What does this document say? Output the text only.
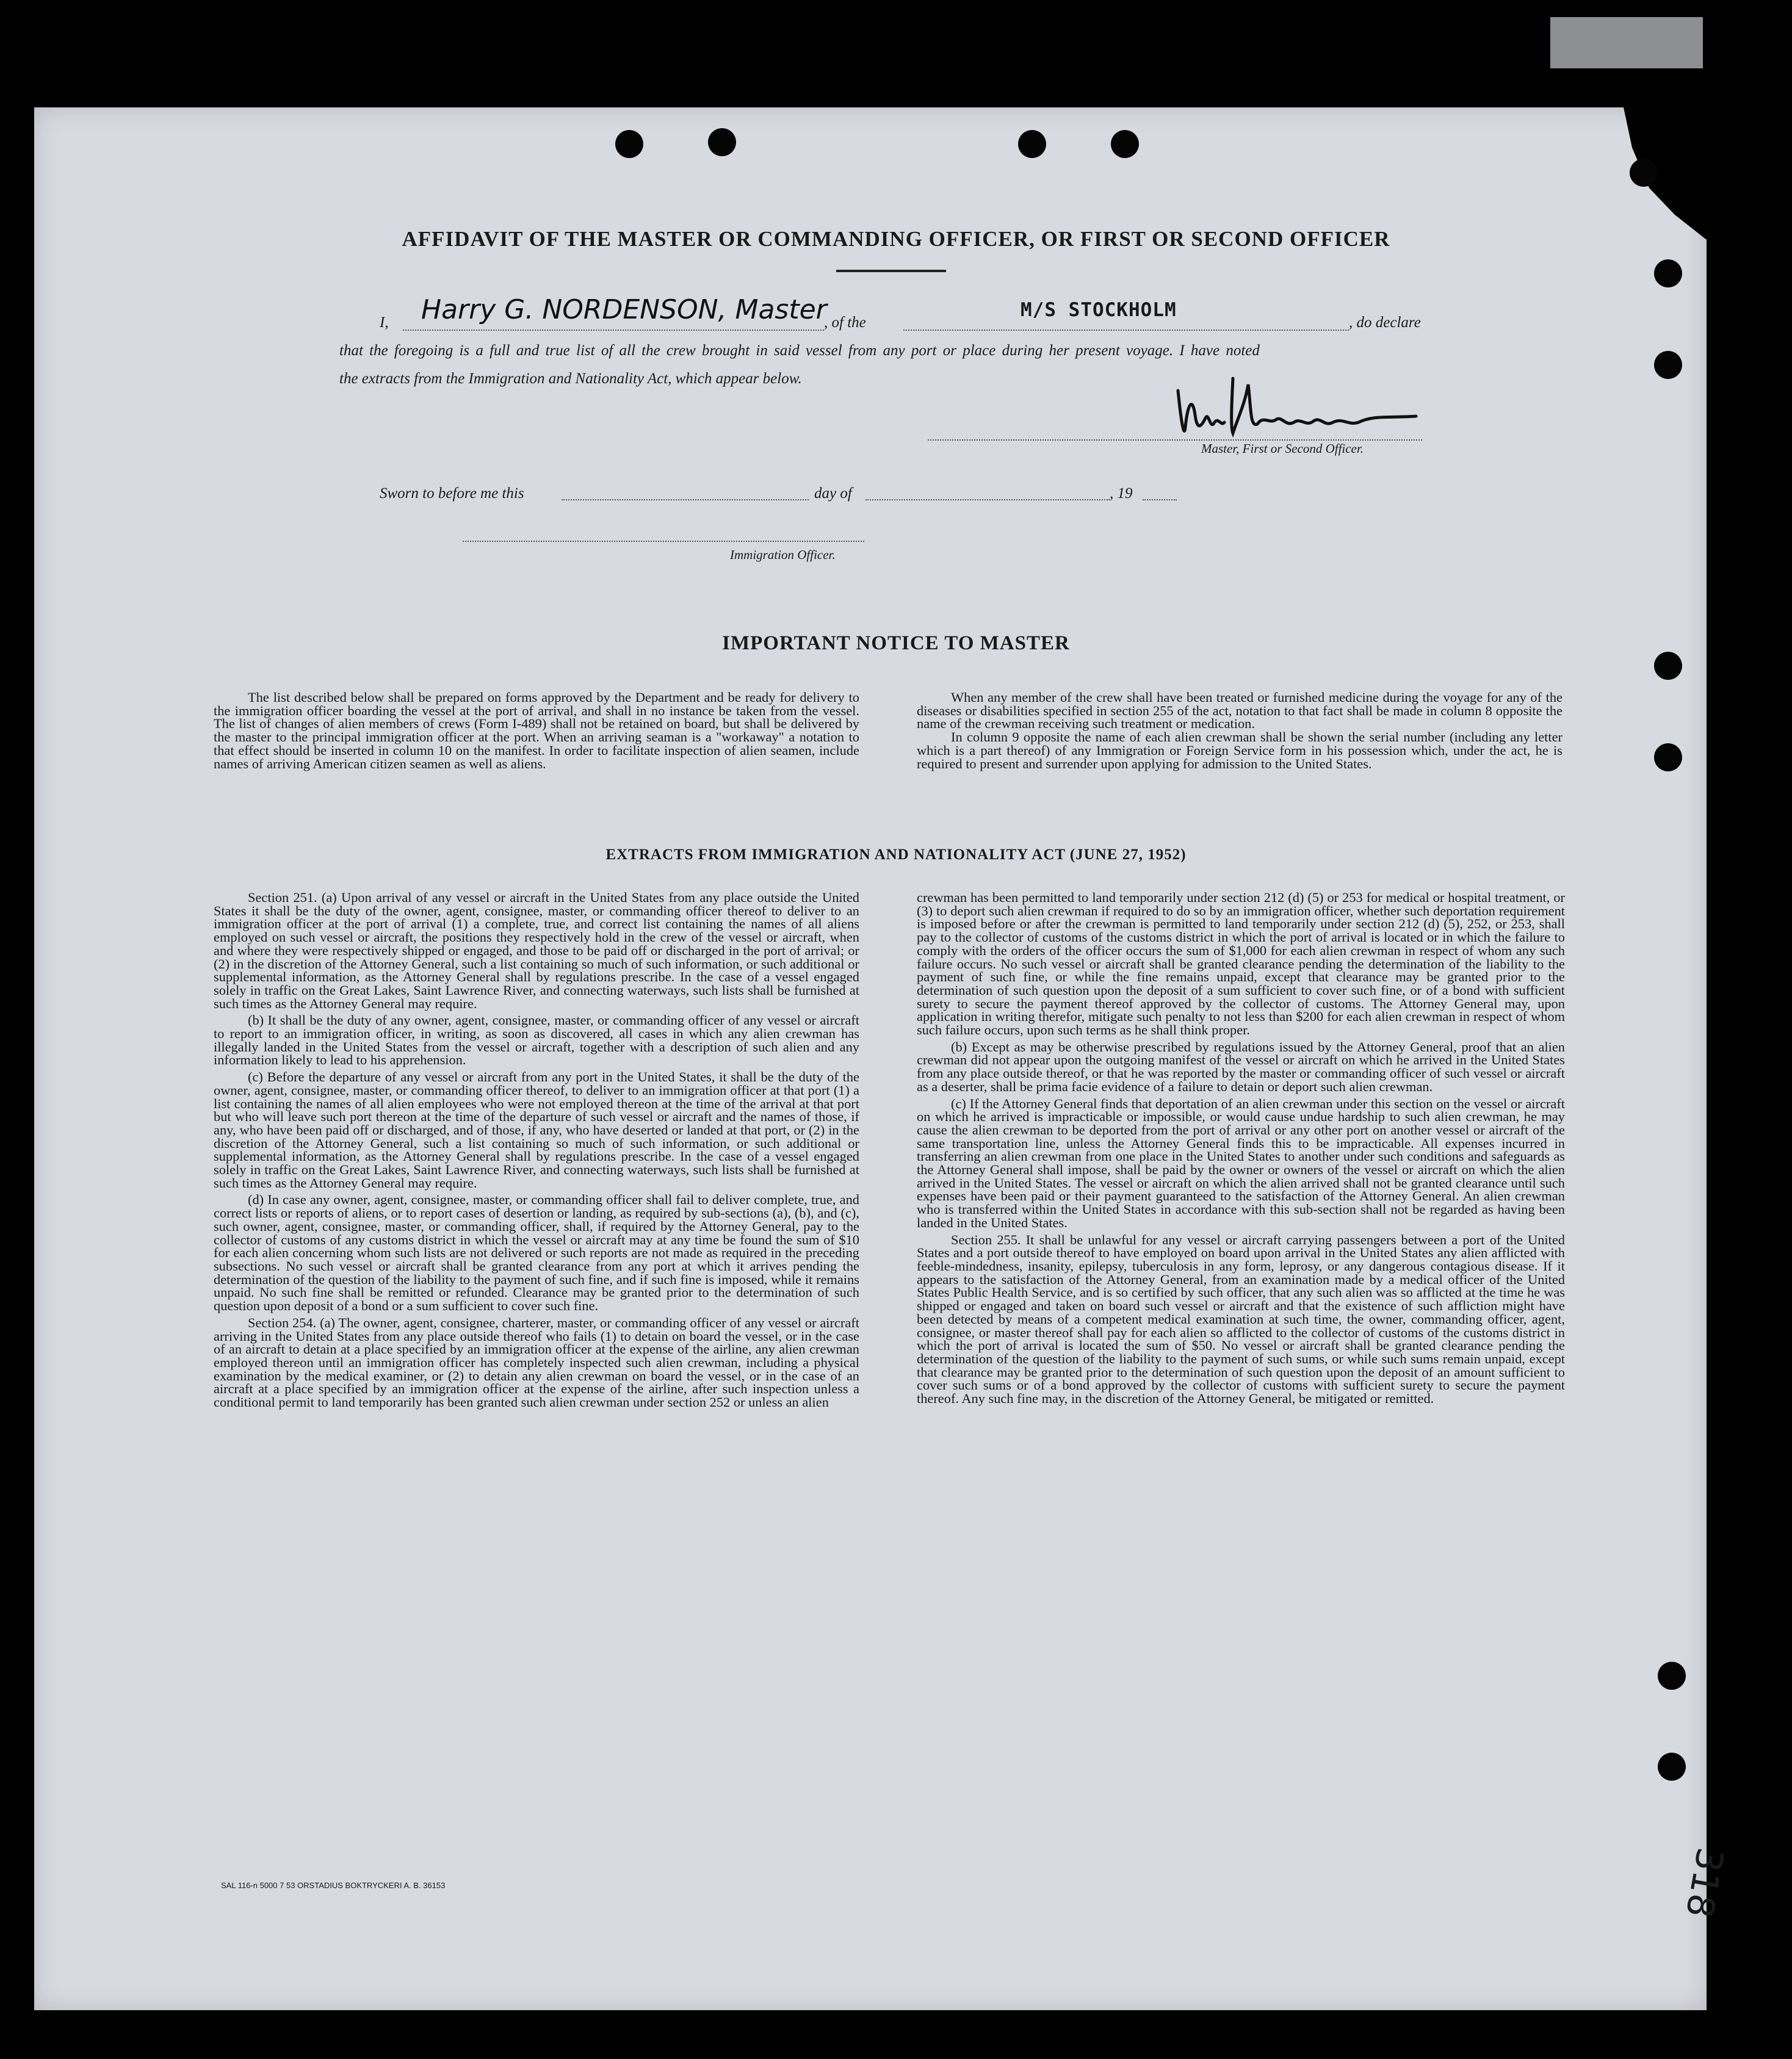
AFFIDAVIT OF THE MASTER OR COMMANDING OFFICER, OR FIRST OR SECOND OFFICER
I, Harry G. NORDENSON, Master
, of the
M/S STOCKHOLM
, do declare
that the foregoing is a full and true list of all the crew brought in said vessel from any port or place during her present voyage. I have noted
the extracts from the Immigration and Nationality Act, which appear below.
Master, First or Second Officer.
Sworn to before me this	day of	, 19
Immigration Officer.
IMPORTANT NOTICE TO MASTER

The list described below shall be prepared on forms approved by the Department and be ready for delivery to the immigration officer boarding the vessel at the port of arrival, and shall in no instance be taken from the vessel. The list of changes of alien members of crews (Form I-489) shall not be retained on board, but shall be delivered by the master to the principal immigration officer at the port. When an arriving seaman is a "workaway" a notation to that effect should be inserted in column 10 on the manifest. In order to facilitate inspection of alien seamen, include names of arriving American citizen seamen as well as aliens.

When any member of the crew shall have been treated or furnished medicine during the voyage for any of the diseases or disabilities specified in section 255 of the act, notation to that fact shall be made in column 8 opposite the name of the crewman receiving such treatment or medication.

In column 9 opposite the name of each alien crewman shall be shown the serial number (including any letter which is a part thereof) of any Immigration or Foreign Service form in his possession which, under the act, he is required to present and surrender upon applying for admission to the United States.

EXTRACTS FROM IMMIGRATION AND NATIONALITY ACT (JUNE 27, 1952)

Section 251. (a) Upon arrival of any vessel or aircraft in the United States from any place outside the United States it shall be the duty of the owner, agent, consignee, master, or commanding officer thereof to deliver to an immigration officer at the port of arrival (1) a complete, true, and correct list containing the names of all aliens employed on such vessel or aircraft, the positions they respectively hold in the crew of the vessel or aircraft, when and where they were respectively shipped or engaged, and those to be paid off or discharged in the port of arrival; or (2) in the discretion of the Attorney General, such a list containing so much of such information, or such additional or supplemental information, as the Attorney General shall by regulations prescribe. In the case of a vessel engaged solely in traffic on the Great Lakes, Saint Lawrence River, and connecting waterways, such lists shall be furnished at such times as the Attorney General may require.

(b) It shall be the duty of any owner, agent, consignee, master, or commanding officer of any vessel or aircraft to report to an immigration officer, in writing, as soon as discovered, all cases in which any alien crewman has illegally landed in the United States from the vessel or aircraft, together with a description of such alien and any information likely to lead to his apprehension.

(c) Before the departure of any vessel or aircraft from any port in the United States, it shall be the duty of the owner, agent, consignee, master, or commanding officer thereof, to deliver to an immigration officer at that port (1) a list containing the names of all alien employees who were not employed thereon at the time of the arrival at that port but who will leave such port thereon at the time of the departure of such vessel or aircraft and the names of those, if any, who have been paid off or discharged, and of those, if any, who have deserted or landed at that port, or (2) in the discretion of the Attorney General, such a list containing so much of such information, or such additional or supplemental information, as the Attorney General shall by regulations prescribe. In the case of a vessel engaged solely in traffic on the Great Lakes, Saint Lawrence River, and connecting waterways, such lists shall be furnished at such times as the Attorney General may require.

(d) In case any owner, agent, consignee, master, or commanding officer shall fail to deliver complete, true, and correct lists or reports of aliens, or to report cases of desertion or landing, as required by sub-sections (a), (b), and (c), such owner, agent, consignee, master, or commanding officer, shall, if required by the Attorney General, pay to the collector of customs of any customs district in which the vessel or aircraft may at any time be found the sum of $10 for each alien concerning whom such lists are not delivered or such reports are not made as required in the preceding subsections. No such vessel or aircraft shall be granted clearance from any port at which it arrives pending the determination of the question of the liability to the payment of such fine, and if such fine is imposed, while it remains unpaid. No such fine shall be remitted or refunded. Clearance may be granted prior to the determination of such question upon deposit of a bond or a sum sufficient to cover such fine.

Section 254. (a) The owner, agent, consignee, charterer, master, or commanding officer of any vessel or aircraft arriving in the United States from any place outside thereof who fails (1) to detain on board the vessel, or in the case of an aircraft to detain at a place specified by an immigration officer at the expense of the airline, any alien crewman employed thereon until an immigration officer has completely inspected such alien crewman, including a physical examination by the medical examiner, or (2) to detain any alien crewman on board the vessel, or in the case of an aircraft at a place specified by an immigration officer at the expense of the airline, after such inspection unless a conditional permit to land temporarily has been granted such alien crewman under section 252 or unless an alien

crewman has been permitted to land temporarily under section 212 (d) (5) or 253 for medical or hospital treatment, or (3) to deport such alien crewman if required to do so by an immigration officer, whether such deportation requirement is imposed before or after the crewman is permitted to land temporarily under section 212 (d) (5), 252, or 253, shall pay to the collector of customs of the customs district in which the port of arrival is located or in which the failure to comply with the orders of the officer occurs the sum of $1,000 for each alien crewman in respect of whom any such failure occurs. No such vessel or aircraft shall be granted clearance pending the determination of the liability to the payment of such fine, or while the fine remains unpaid, except that clearance may be granted prior to the determination of such question upon the deposit of a sum sufficient to cover such fine, or of a bond with sufficient surety to secure the payment thereof approved by the collector of customs. The Attorney General may, upon application in writing therefor, mitigate such penalty to not less than $200 for each alien crewman in respect of whom such failure occurs, upon such terms as he shall think proper.

(b) Except as may be otherwise prescribed by regulations issued by the Attorney General, proof that an alien crewman did not appear upon the outgoing manifest of the vessel or aircraft on which he arrived in the United States from any place outside thereof, or that he was reported by the master or commanding officer of such vessel or aircraft as a deserter, shall be prima facie evidence of a failure to detain or deport such alien crewman.

(c) If the Attorney General finds that deportation of an alien crewman under this section on the vessel or aircraft on which he arrived is impracticable or impossible, or would cause undue hardship to such alien crewman, he may cause the alien crewman to be deported from the port of arrival or any other port on another vessel or aircraft of the same transportation line, unless the Attorney General finds this to be impracticable. All expenses incurred in transferring an alien crewman from one place in the United States to another under such conditions and safeguards as the Attorney General shall impose, shall be paid by the owner or owners of the vessel or aircraft on which the alien arrived in the United States. The vessel or aircraft on which the alien arrived shall not be granted clearance until such expenses have been paid or their payment guaranteed to the satisfaction of the Attorney General. An alien crewman who is transferred within the United States in accordance with this sub-section shall not be regarded as having been landed in the United States.

Section 255. It shall be unlawful for any vessel or aircraft carrying passengers between a port of the United States and a port outside thereof to have employed on board upon arrival in the United States any alien afflicted with feeble-mindedness, insanity, epilepsy, tuberculosis in any form, leprosy, or any dangerous contagious disease. If it appears to the satisfaction of the Attorney General, from an examination made by a medical officer of the United States Public Health Service, and is so certified by such officer, that any such alien was so afflicted at the time he was shipped or engaged and taken on board such vessel or aircraft and that the existence of such affliction might have been detected by means of a competent medical examination at such time, the owner, commanding officer, agent, consignee, or master thereof shall pay for each alien so afflicted to the collector of customs of the customs district in which the port of arrival is located the sum of $50. No vessel or aircraft shall be granted clearance pending the determination of the question of the liability to the payment of such sums, or while such sums remain unpaid, except that clearance may be granted prior to the determination of such question upon the deposit of an amount sufficient to cover such sums or of a bond approved by the collector of customs with sufficient surety to secure the payment thereof. Any such fine may, in the discretion of the Attorney General, be mitigated or remitted.

SAL 116-n 5000 7 53 ORSTADIUS BOKTRYCKERI A. B. 36153	318
